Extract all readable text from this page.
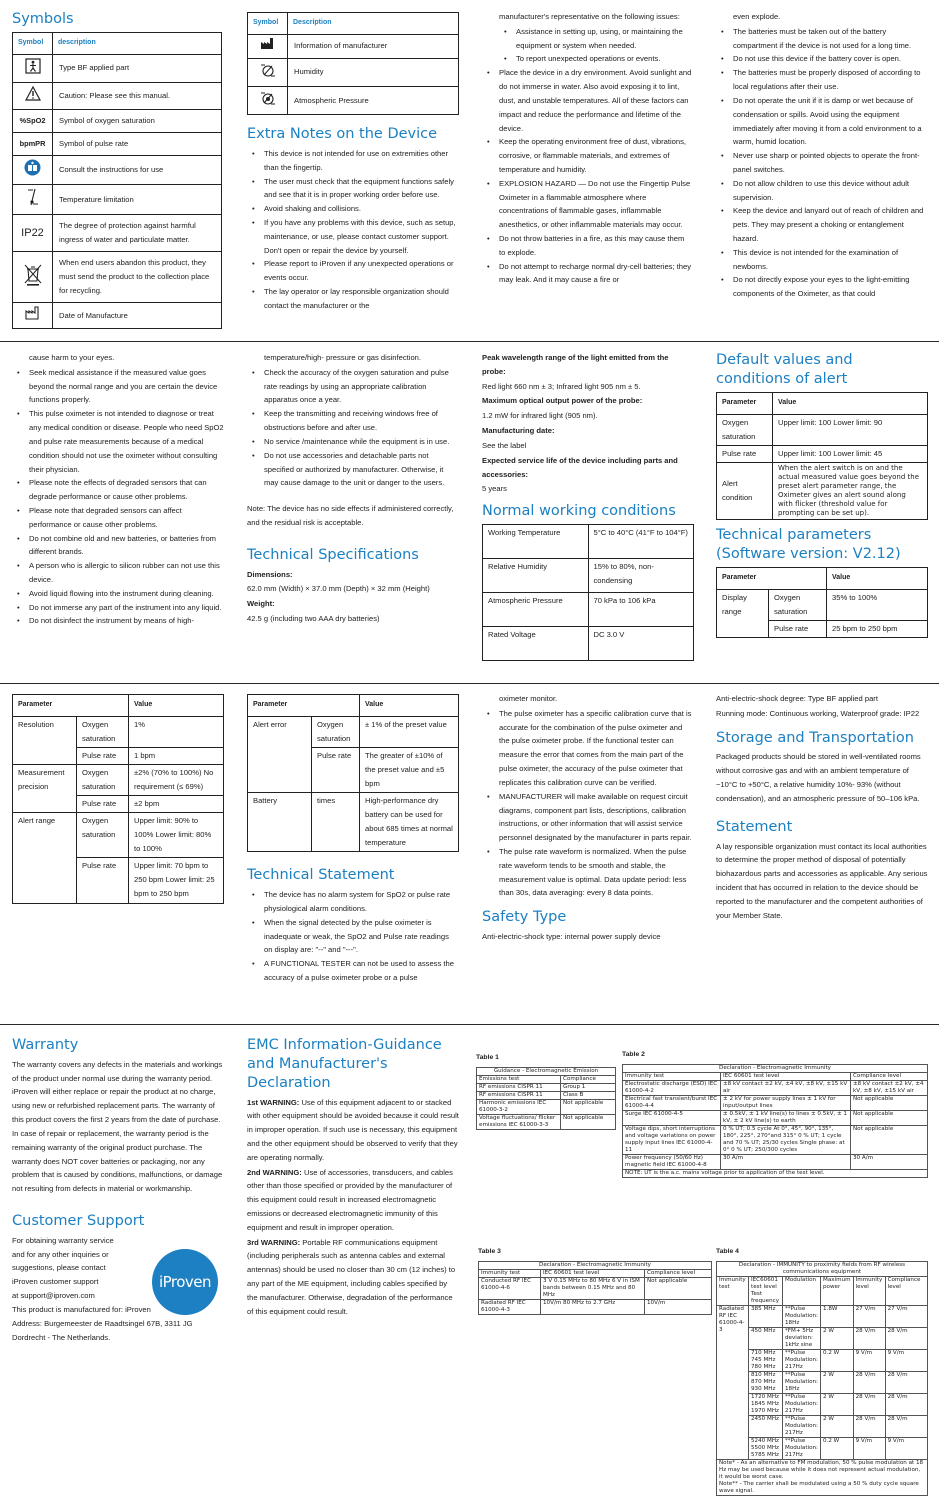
Symbols
Symbol	description
	Type BF applied part
	Caution: Please see this manual.
%SpO2	Symbol of oxygen saturation
bpmPR	Symbol of pulse rate
	Consult the instructions for use
	Temperature limitation
IP22	The degree of protection against harmful ingress of water and particulate matter.
	When end users abandon this product, they must send the product to the collection place for recycling.
	Date of Manufacture
Symbol	Description
	Information of manufacturer
	Humidity
	Atmospheric Pressure
Extra Notes on the Device
• This device is not intended for use on extremities other than the fingertip.
• The user must check that the equipment functions safely and see that it is in proper working order before use.
• Avoid shaking and collisions.
• If you have any problems with this device, such as setup, maintenance, or use, please contact customer support. Don't open or repair the device by yourself.
• Please report to iProven if any unexpected operations or events occur.
• The lay operator or lay responsible organization should contact the manufacturer or the

manufacturer's representative on the following issues:

• Assistance in setting up, using, or maintaining the equipment or system when needed.
• To report unexpected operations or events.
• Place the device in a dry environment. Avoid sunlight and do not immerse in water. Also avoid exposing it to lint, dust, and unstable temperatures. All of these factors can impact and reduce the performance and lifetime of the device.
• Keep the operating environment free of dust, vibrations, corrosive, or flammable materials, and extremes of temperature and humidity.
• EXPLOSION HAZARD — Do not use the Fingertip Pulse Oximeter in a flammable atmosphere where concentrations of flammable gases, inflammable anesthetics, or other inflammable materials may occur.
• Do not throw batteries in a fire, as this may cause them to explode.
• Do not attempt to recharge normal dry-cell batteries; they may leak. And it may cause a fire or

even explode.

• The batteries must be taken out of the battery compartment if the device is not used for a long time.
• Do not use this device if the battery cover is open.
• The batteries must be properly disposed of according to local regulations after their use.
• Do not operate the unit if it is damp or wet because of condensation or spills. Avoid using the equipment immediately after moving it from a cold environment to a warm, humid location.
• Never use sharp or pointed objects to operate the front-panel switches.
• Do not allow children to use this device without adult supervision.
• Keep the device and lanyard out of reach of children and pets. They may present a choking or entanglement hazard.
• This device is not intended for the examination of newborns.
• Do not directly expose your eyes to the light-emitting components of the Oximeter, as that could

cause harm to your eyes.

• Seek medical assistance if the measured value goes beyond the normal range and you are certain the device functions properly.
• This pulse oximeter is not intended to diagnose or treat any medical condition or disease. People who need SpO2 and pulse rate measurements because of a medical condition should not use the oximeter without consulting their physician.
• Please note the effects of degraded sensors that can degrade performance or cause other problems.
• Please note that degraded sensors can affect performance or cause other problems.
• Do not combine old and new batteries, or batteries from different brands.
• A person who is allergic to silicon rubber can not use this device.
• Avoid liquid flowing into the instrument during cleaning.
• Do not immerse any part of the instrument into any liquid.
• Do not disinfect the instrument by means of high-

temperature/high- pressure or gas disinfection.

• Check the accuracy of the oxygen saturation and pulse rate readings by using an appropriate calibration apparatus once a year.
• Keep the transmitting and receiving windows free of obstructions before and after use.
• No service /maintenance while the equipment is in use.
• Do not use accessories and detachable parts not specified or authorized by manufacturer. Otherwise, it may cause damage to the unit or danger to the users.

Note: The device has no side effects if administered correctly, and the residual risk is acceptable.

Technical Specifications

Dimensions:

62.0 mm (Width) × 37.0 mm (Depth) × 32 mm (Height)

Weight:

42.5 g (including two AAA dry batteries)

Peak wavelength range of the light emitted from the probe:

Red light 660 nm ± 3; Infrared light 905 nm ± 5.

Maximum optical output power of the probe:

1.2 mW for infrared light (905 nm).

Manufacturing date:

See the label

Expected service life of the device including parts and accessories:

5 years

Normal working conditions
Working Temperature	5°C to 40°C (41°F to 104°F)
Relative Humidity	15% to 80%, non-condensing
Atmospheric Pressure	70 kPa to 106 kPa
Rated Voltage	DC 3.0 V
Default values and conditions of alert
Parameter	Value
Oxygen saturation	Upper limit: 100 Lower limit: 90
Pulse rate	Upper limit: 100 Lower limit: 45
Alert condition	When the alert switch is on and the actual measured value goes beyond the preset alert parameter range, the Oximeter gives an alert sound along with flicker (threshold value for prompting can be set up).
Technical parameters (Software version: V2.12)
Parameter		Value
Display range	Oxygen saturation	35% to 100%
	Pulse rate	25 bpm to 250 bpm
Parameter		Value
Resolution	Oxygen saturation	1%
	Pulse rate	1 bpm
Measurement precision	Oxygen saturation	±2% (70% to 100%) No requirement (≤ 69%)
	Pulse rate	±2 bpm
Alert range	Oxygen saturation	Upper limit: 90% to 100% Lower limit: 80% to 100%
	Pulse rate	Upper limit: 70 bpm to 250 bpm Lower limit: 25 bpm to 250 bpm
Parameter		Value
Alert error	Oxygen saturation	± 1% of the preset value
	Pulse rate	The greater of ±10% of the preset value and ±5 bpm
Battery	times	High-performance dry battery can be used for about 685 times at normal temperature
Technical Statement
• The device has no alarm system for SpO2 or pulse rate physiological alarm conditions.
• When the signal detected by the pulse oximeter is inadequate or weak, the SpO2 and Pulse rate readings on display are: "--" and "---".
• A FUNCTIONAL TESTER can not be used to assess the accuracy of a pulse oximeter probe or a pulse

oximeter monitor.

• The pulse oximeter has a specific calibration curve that is accurate for the combination of the pulse oximeter and the pulse oximeter probe. If the functional tester can measure the error that comes from the main part of the pulse oximeter, the accuracy of the pulse oximeter that replicates this calibration curve can be verified.
• MANUFACTURER will make available on request circuit diagrams, component part lists, descriptions, calibration instructions, or other information that will assist service personnel designated by the manufacturer in parts repair.
• The pulse rate waveform is normalized. When the pulse rate waveform tends to be smooth and stable, the measurement value is optimal. Data update period: less than 30s, data averaging: every 8 data points.
Safety Type

Anti-electric-shock type: internal power supply device

Anti-electric-shock degree: Type BF applied part

Running mode: Continuous working, Waterproof grade: IP22

Storage and Transportation

Packaged products should be stored in well-ventilated rooms without corrosive gas and with an ambient temperature of −10°C to +50°C, a relative humidity 10%- 93% (without condensation), and an atmospheric pressure of 50–106 kPa.

Statement

A lay responsible organization must contact its local authorities to determine the proper method of disposal of potentially biohazardous parts and accessories as applicable. Any serious incident that has occurred in relation to the device should be reported to the manufacturer and the competent authorities of your Member State.

Warranty

The warranty covers any defects in the materials and workings of the product under normal use during the warranty period. iProven will either replace or repair the product at no charge, using new or refurbished replacement parts. The warranty of this product covers the first 2 years from the date of purchase. In case of repair or replacement, the warranty period is the remaining warranty of the original product purchase. The warranty does NOT cover batteries or packaging, nor any problem that is caused by conditions, malfunctions, or damage not resulting from defects in material or workmanship.

Customer Support
For obtaining warranty service
and for any other inquiries or
suggestions, please contact
iProven customer support
at support@iproven.com
This product is manufactured for: iProven
Address: Burgemeester de Raadtsingel 67B, 3311 JG
Dordrecht - The Netherlands.
iProven
EMC Information-Guidance and Manufacturer's Declaration

1st WARNING: Use of this equipment adjacent to or stacked with other equipment should be avoided because it could result in improper operation. If such use is necessary, this equipment and the other equipment should be observed to verify that they are operating normally.

2nd WARNING: Use of accessories, transducers, and cables other than those specified or provided by the manufacturer of this equipment could result in increased electromagnetic emissions or decreased electromagnetic immunity of this equipment and result in improper operation.

3rd WARNING: Portable RF communications equipment (including peripherals such as antenna cables and external antennas) should be used no closer than 30 cm (12 inches) to any part of the ME equipment, including cables specified by the manufacturer. Otherwise, degradation of the performance of this equipment could result.

Table 1
Guidance - Electromagnetic Emission	
Emissions test	Compliance
RF emissions CISPR 11	Group 1
RF emissions CISPR 11	Class B
Harmonic emissions IEC 61000-3-2	Not applicable
Voltage fluctuations/ flicker emissions IEC 61000-3-3	Not applicable
Table 2
Declaration - Electromagnetic Immunity		
Immunity test	IEC 60601 test level	Compliance level
Electrostatic discharge (ESD) IEC 61000-4-2	±8 kV contact ±2 kV, ±4 kV, ±8 kV, ±15 kV air	±8 kV contact ±2 kV, ±4 kV, ±8 kV, ±15 kV air
Electrical fast transient/burst IEC 61000-4-4	± 2 kV for power supply lines ± 1 kV for input/output lines	Not applicable
Surge IEC 61000-4-5	± 0.5kV, ± 1 kV line(s) to lines ± 0.5kV, ± 1 kV, ± 2 kV line(s) to earth	Not applicable
Voltage dips, short interruptions and voltage variations on power supply input lines IEC 61000-4-11	0 % UT; 0.5 cycle At 0°, 45°, 90°, 135°, 180°, 225°, 270°and 315° 0 % UT; 1 cycle and 70 % UT; 25/30 cycles Single phase: at 0° 0 % UT; 250/300 cycles	Not applicable
Power frequency (50/60 Hz) magnetic field IEC 61000-4-8	30 A/m	30 A/m
NOTE: UT is the a.c. mains voltage prior to application of the test level.		
Table 3
Declaration - Electromagnetic Immunity		
Immunity test	IEC 60601 test level	Compliance level
Conducted RF IEC 61000-4-6	3 V 0.15 MHz to 80 MHz 6 V in ISM bands between 0.15 MHz and 80 MHz	Not applicable
Radiated RF IEC 61000-4-3	10V/m 80 MHz to 2.7 GHz	10V/m
Table 4
Declaration - IMMUNITY to proximity fields from RF wireless communications equipment					
Immunity test	IEC60601 test level Test frequency	Modulation	Maximum power	Immunity level	Compliance level
Radiated RF IEC 61000-4-3	385 MHz	**Pulse Modulation: 18Hz	1.8W	27 V/m	27 V/m
	450 MHz	*FM+ 5Hz deviation: 1kHz sine	2 W	28 V/m	28 V/m
	710 MHz 745 MHz 780 MHz	**Pulse Modulation: 217Hz	0.2 W	9 V/m	9 V/m
	810 MHz 870 MHz 930 MHz	**Pulse Modulation: 18Hz	2 W	28 V/m	28 V/m
	1720 MHz 1845 MHz 1970 MHz	**Pulse Modulation: 217Hz	2 W	28 V/m	28 V/m
	2450 MHz	**Pulse Modulation: 217Hz	2 W	28 V/m	28 V/m
	5240 MHz 5500 MHz 5785 MHz	**Pulse Modulation: 217Hz	0.2 W	9 V/m	9 V/m
Note* - As an alternative to FM modulation, 50 % pulse modulation at 18 Hz may be used because while it does not represent actual modulation, it would be worst case.
Note** - The carrier shall be modulated using a 50 % duty cycle square wave signal.					
